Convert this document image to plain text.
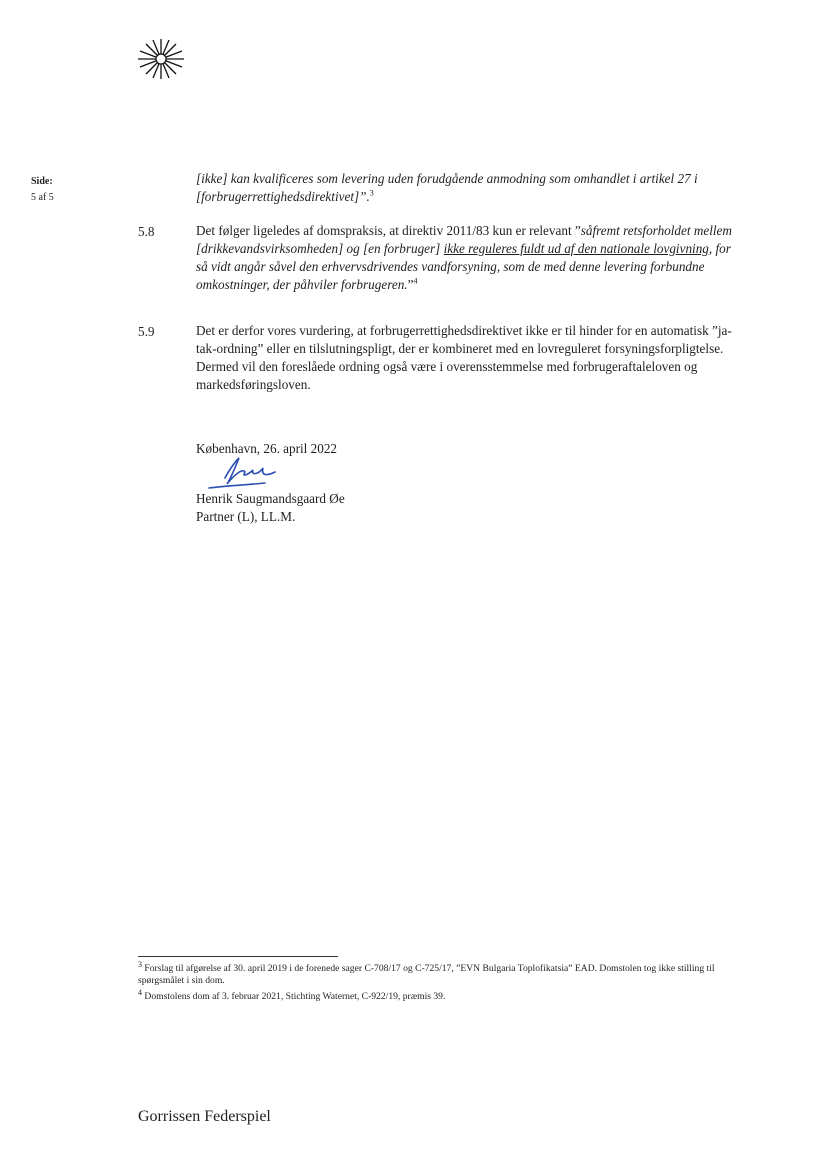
Side:
5 af 5
[ikke] kan kvalificeres som levering uden forudgående anmodning som omhandlet i artikel 27 i [forbrugerrettighedsdirektivet]”.$^3$
5.8	Det følger ligeledes af domspraksis, at direktiv 2011/83 kun er relevant ”såfremt retsforholdet mellem [drikkevandsvirksomheden] og [en forbruger] ikke reguleres fuldt ud af den nationale lovgivning, for så vidt angår såvel den erhvervsdrivendes vandforsyning, som de med denne levering forbundne omkostninger, der påhviler forbrugeren.”$^4$
5.9	Det er derfor vores vurdering, at forbrugerrettighedsdirektivet ikke er til hinder for en automatisk ”ja-tak-ordning” eller en tilslutningspligt, der er kombineret med en lovreguleret forsyningsforpligtelse. Dermed vil den foreslåede ordning også være i overensstemmelse med forbrugeraftaleloven og markedsføringsloven.
København, 26. april 2022
Henrik Saugmandsgaard Øe
Partner (L), LL.M.
$^3$ Forslag til afgørelse af 30. april 2019 i de forenede sager C-708/17 og C-725/17, ”EVN Bulgaria Toplofikatsia” EAD. Domstolen tog ikke stilling til spørgsmålet i sin dom.
$^4$ Domstolens dom af 3. februar 2021, Stichting Waternet, C-922/19, præmis 39.
Gorrissen Federspiel
